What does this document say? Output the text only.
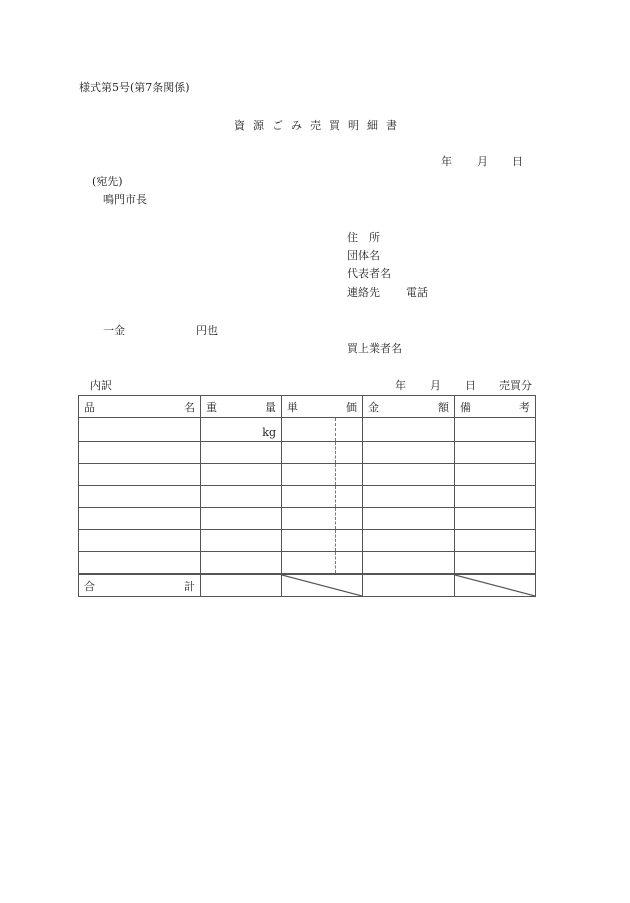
様式第5号(第7条関係)
資 源 ご み 売 買 明 細 書
年 月 日
(宛先)
鳴門市長
住　所
団体名
代表者名
連絡先 電話
一金	円也
買上業者名
内訳	年 月 日 売買分
品 名	重 量	単 価	金 額	備 考

	kg	

合 計
